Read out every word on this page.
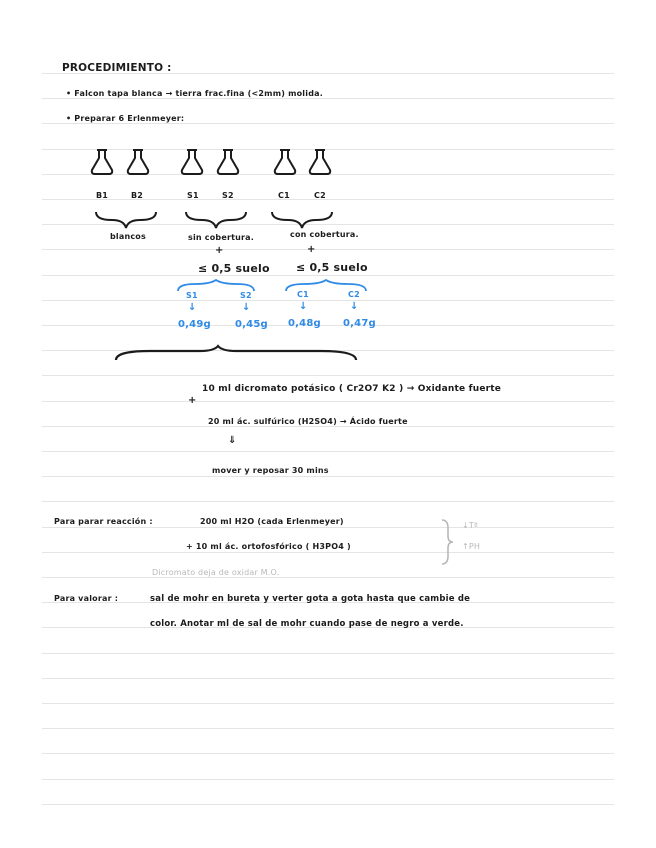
PROCEDIMIENTO :
• Falcon tapa blanca → tierra frac.fina (<2mm) molida.
• Preparar 6 Erlenmeyer:
B1	B2	S1	S2	C1	C2
blancos	sin cobertura.	con cobertura.
+	+
≤ 0,5 suelo ≤ 0,5 suelo
S1	S2	C1	C2
↓	↓	↓	↓
0,49g 0,45g 0,48g 0,47g
10 ml dicromato potásico ( Cr2O7 K2 ) → Oxidante fuerte
+
20 ml ác. sulfúrico (H2SO4) → Ácido fuerte
⇓
mover y reposar 30 mins
Para parar reacción :	200 ml H2O (cada Erlenmeyer)
+ 10 ml ác. ortofosfórico ( H3PO4 )
↓Tª
↑PH
Dicromato deja de oxidar M.O.
Para valorar :	sal de mohr en bureta y verter gota a gota hasta que cambie de
color. Anotar ml de sal de mohr cuando pase de negro a verde.
